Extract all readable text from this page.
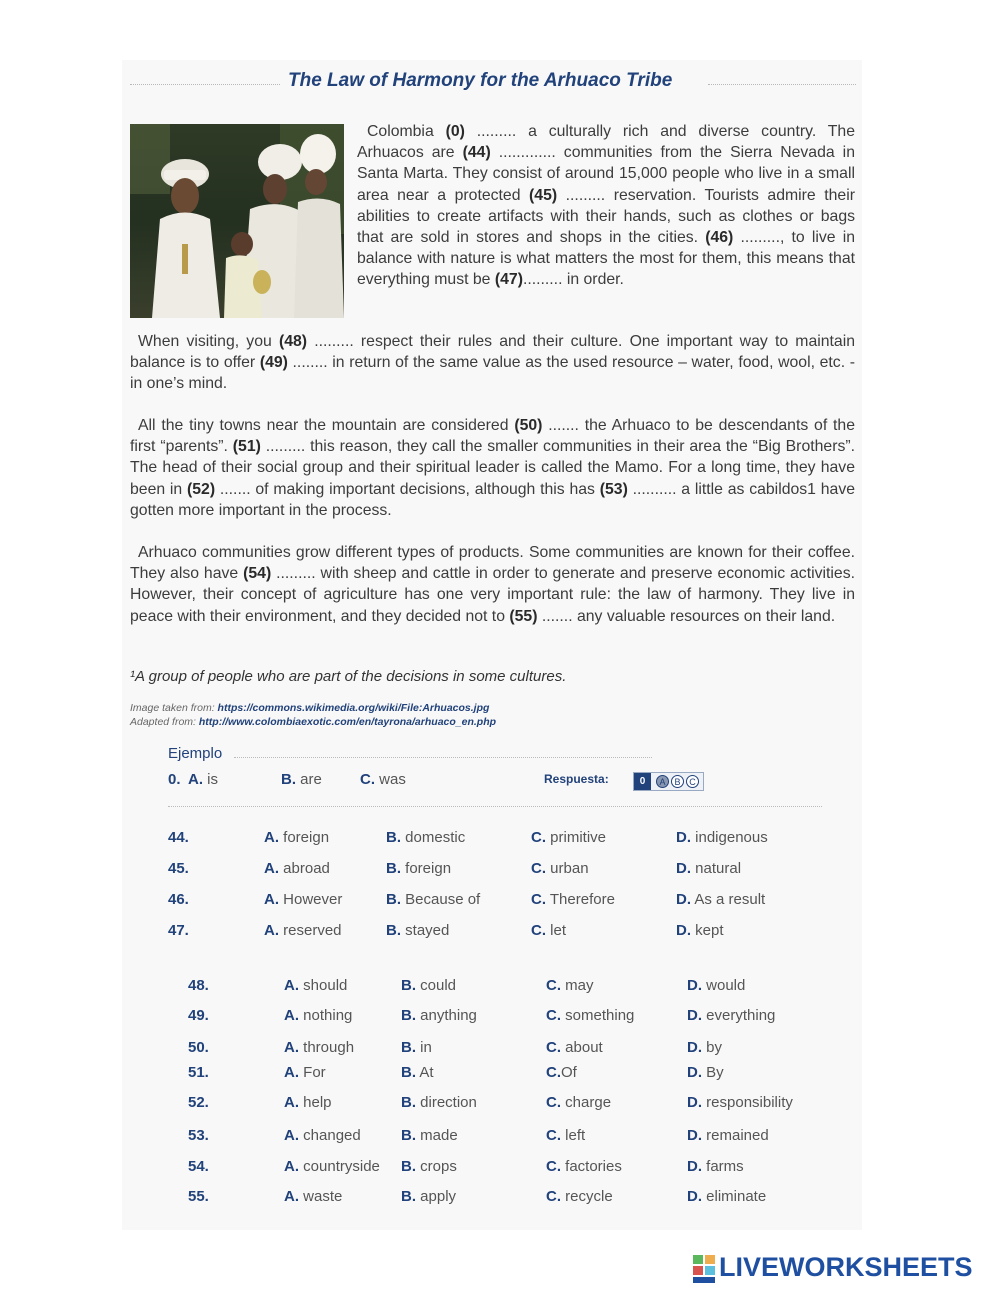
The Law of Harmony for the Arhuaco Tribe
Colombia (0) ......... a culturally rich and diverse country. The Arhuacos are (44) ............. communities from the Sierra Nevada in Santa Marta. They consist of around 15,000 people who live in a small area near a protected (45) ......... reservation. Tourists admire their abilities to create artifacts with their hands, such as clothes or bags that are sold in stores and shops in the cities. (46) ........., to live in balance with nature is what matters the most for them, this means that everything must be (47)......... in order.
When visiting, you (48) ......... respect their rules and their culture. One important way to maintain balance is to offer (49) ........ in return of the same value as the used resource – water, food, wool, etc. - in one’s mind.
All the tiny towns near the mountain are considered (50) ....... the Arhuaco to be descendants of the first “parents”. (51) ......... this reason, they call the smaller communities in their area the “Big Brothers”. The head of their social group and their spiritual leader is called the Mamo. For a long time, they have been in (52) ....... of making important decisions, although this has (53) .......... a little as cabildos1 have gotten more important in the process.
Arhuaco communities grow different types of products. Some communities are known for their coffee. They also have (54) ......... with sheep and cattle in order to generate and preserve economic activities. However, their concept of agriculture has one very important rule: the law of harmony. They live in peace with their environment, and they decided not to (55) ....... any valuable resources on their land.
¹A group of people who are part of the decisions in some cultures.
Image taken from: https://commons.wikimedia.org/wiki/File:Arhuacos.jpg
Adapted from: http://www.colombiaexotic.com/en/tayrona/arhuaco_en.php
Ejemplo
0. A. is	B. are	C. was	Respuesta:	0	A B C
44.	A. foreign	B. domestic	C. primitive	D. indigenous
45.	A. abroad	B. foreign	C. urban	D. natural
46.	A. However	B. Because of	C. Therefore	D. As a result
47.	A. reserved	B. stayed	C. let	D. kept
48.	A. should	B. could	C. may	D. would
49.	A. nothing	B. anything	C. something	D. everything
50.	A. through	B. in	C. about	D. by
51.	A. For	B. At	C.Of	D. By
52.	A. help	B. direction	C. charge	D. responsibility
53.	A. changed	B. made	C. left	D. remained
54.	A. countryside B. crops	C. factories	D. farms
55.	A. waste	B. apply	C. recycle	D. eliminate
LIVEWORKSHEETS
